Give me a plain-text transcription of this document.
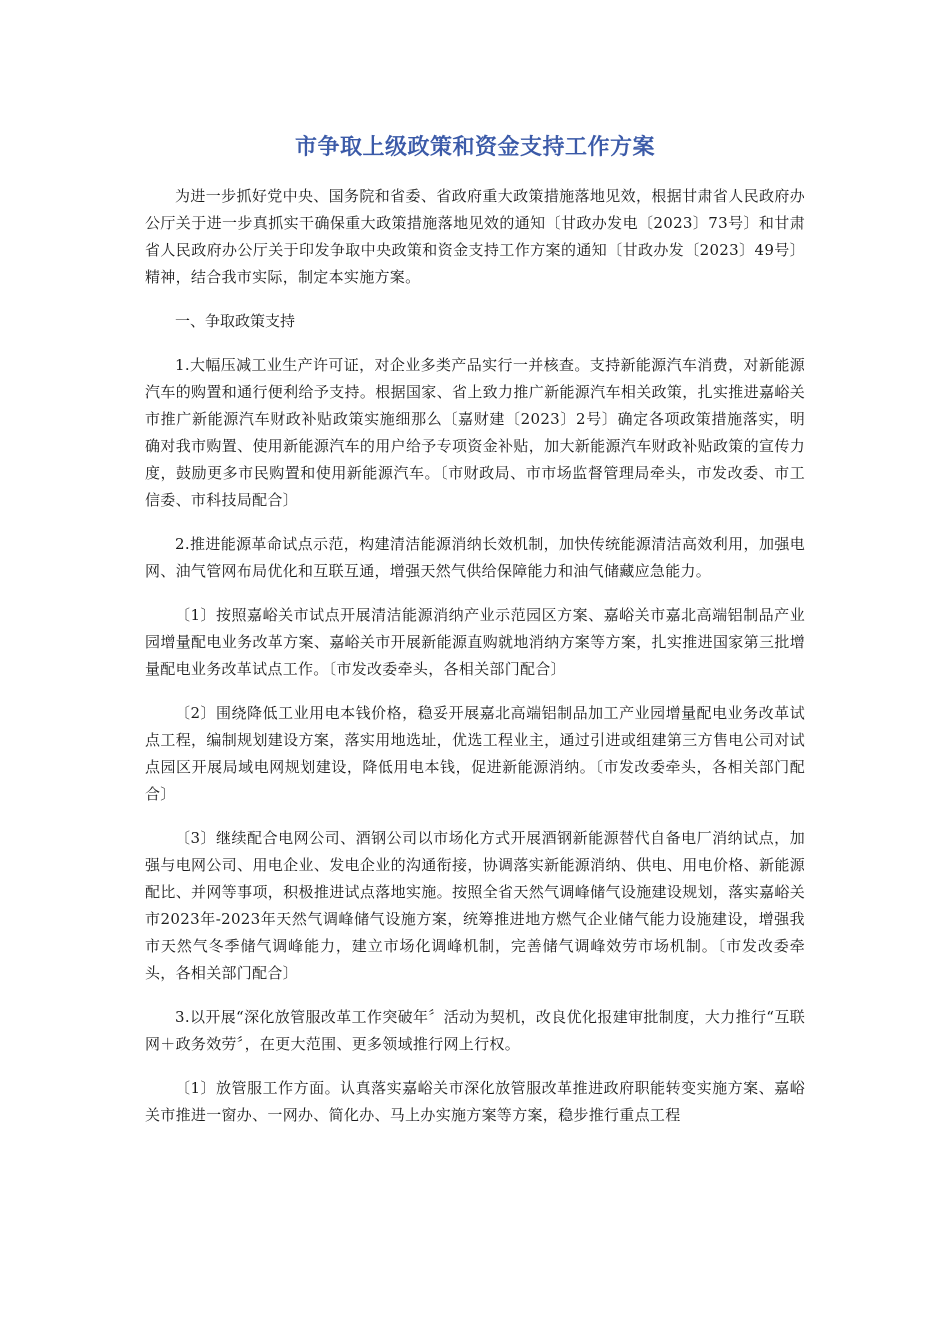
市争取上级政策和资金支持工作方案

为进一步抓好党中央、国务院和省委、省政府重大政策措施落地见效，根据甘肃省人民政府办公厅关于进一步真抓实干确保重大政策措施落地见效的通知〔甘政办发电〔2023〕73号〕和甘肃省人民政府办公厅关于印发争取中央政策和资金支持工作方案的通知〔甘政办发〔2023〕49号〕精神，结合我市实际，制定本实施方案。

一、争取政策支持

1.大幅压减工业生产许可证，对企业多类产品实行一并核查。支持新能源汽车消费，对新能源汽车的购置和通行便利给予支持。根据国家、省上致力推广新能源汽车相关政策，扎实推进嘉峪关市推广新能源汽车财政补贴政策实施细那么〔嘉财建〔2023〕2号〕确定各项政策措施落实，明确对我市购置、使用新能源汽车的用户给予专项资金补贴，加大新能源汽车财政补贴政策的宣传力度，鼓励更多市民购置和使用新能源汽车。〔市财政局、市市场监督管理局牵头，市发改委、市工信委、市科技局配合〕

2.推进能源革命试点示范，构建清洁能源消纳长效机制，加快传统能源清洁高效利用，加强电网、油气管网布局优化和互联互通，增强天然气供给保障能力和油气储藏应急能力。

〔1〕按照嘉峪关市试点开展清洁能源消纳产业示范园区方案、嘉峪关市嘉北高端铝制品产业园增量配电业务改革方案、嘉峪关市开展新能源直购就地消纳方案等方案，扎实推进国家第三批增量配电业务改革试点工作。〔市发改委牵头，各相关部门配合〕

〔2〕围绕降低工业用电本钱价格，稳妥开展嘉北高端铝制品加工产业园增量配电业务改革试点工程，编制规划建设方案，落实用地选址，优选工程业主，通过引进或组建第三方售电公司对试点园区开展局域电网规划建设，降低用电本钱，促进新能源消纳。〔市发改委牵头，各相关部门配合〕

〔3〕继续配合电网公司、酒钢公司以市场化方式开展酒钢新能源替代自备电厂消纳试点，加强与电网公司、用电企业、发电企业的沟通衔接，协调落实新能源消纳、供电、用电价格、新能源配比、并网等事项，积极推进试点落地实施。按照全省天然气调峰储气设施建设规划，落实嘉峪关市2023年-2023年天然气调峰储气设施方案，统筹推进地方燃气企业储气能力设施建设，增强我市天然气冬季储气调峰能力，建立市场化调峰机制，完善储气调峰效劳市场机制。〔市发改委牵头，各相关部门配合〕

3.以开展“深化放管服改革工作突破年〞活动为契机，改良优化报建审批制度，大力推行“互联网＋政务效劳〞，在更大范围、更多领域推行网上行权。

〔1〕放管服工作方面。认真落实嘉峪关市深化放管服改革推进政府职能转变实施方案、嘉峪关市推进一窗办、一网办、简化办、马上办实施方案等方案，稳步推行重点工程
